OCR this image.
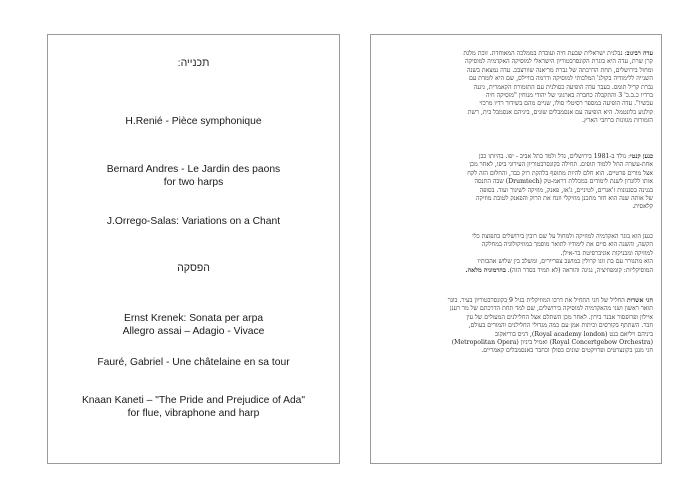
תכנייה:
H.Renié - Pièce symphonique
Bernard Andres - Le Jardin des paons
for two harps
J.Orrego-Salas: Variations on a Chant
הפסקה
Ernst Krenek: Sonata per arpa
Allegro assai – Adagio - Vivace
Fauré, Gabriel - Une châtelaine en sa tour
Knaan Kaneti – "The Pride and Prejudice of Ada"
for flue, vibraphone and harp
עדה רביגוב: נבלנית ישראלית שבעת חיה ועובדת בממלכה המאוחדת. זוכת מלגת
קרן שרת, עדה היא בוגרת הקונסרבטוריון הישראלי למוסיקה האקדמיה למוסיקה
ומחול בירושלים, תחת הדרכתה של גברת מריאנה שוורצבכ. עדה נמצאת בשנה
השנייה ללימודיה בקולג' המלכותי למוסיקה ודרמה בוויילס, שם היא לומדת עם
גברת קריל תומס. בעבר עדה הופיעה כסולנית עם התזמורת הקאמרית, ניגנה
ברדיו כ.ב.כ' 3 והתקבלה כחברה בארגוני של יהודי מנוחין "מוסיקה חיה
עכשיו". עדה הופיעה במספר רסיטלי סולו, שניים מהם בשידור רדיו מרכזי
קולנוע בלונטמל. היא הופיעה עם אנסמבלים שונים, ביניהם אנסמבל בית, רשת
הזמורות מגוונות ברחבי הארץ.
כנען קנטי: נולד ב-1981 בירושלים, גדל ולמד בתל אביב - יפו. בהיותו כבן
אחת-עשרה החל ללמוד תופים. תחילה בקונסרבטוריון העירוני ביפו, לאחר מכן
אצל מורים פרטיים. הוא חלם להיות מתופף בלהקת רוק כבד, והחלום הזה לקח
אותו ללונדון לשנת לימודים במכללת דראמ-טק (Drumtech) שבה התנסה
בנגינה בסגנונות ז'אנרים, לטיניים, ג'אז, פאנק, מוזיקה לשיגור ועוד. בסופה
של אותה שנה הוא חזר מתכנן מוזיקלי וזנח את הרוק והפאנק לטובת מוזיקה
קלאסית.
כנען הוא בוגר האקדמיה למוזיקה ולמחול על שם רובין בירושלים בתפוצת כלי
הקשה, והשנה הוא סיים את לימודיו לתואר מוסמך במוזיקולוגיה במחלקה
למוזיקה ומכניקות אוניברסיטת בר-אילן.
הוא מתגורר עם בת זוגו קרולין במושב צפריירים, ומשלב בין שלוש אהבותיו
המוסיקליות: קומפוזיציה, נגינה והוראה (לא תמיד בסדר הזה). בהרמוניה מלאה.
חגי אשדות החליל של חגי התחיל את דרכו המוזיקלית בגיל 9 בקונסרבטוריון בעיר. בוגר
תואר ראשון ושני מהאקדמיה למוסיקה בירושלים, שם למד תחת הדרכתם של מר רענן
איילון ופרופסור אבנר בירון. לאחר מכן השתלם אצל החלילנים המעולים של עין
חבר. השתתף בקורסים וכיתות אמן עם כמה מגדולי החלילנים והמורים בעולם,
ביניהם ויליאם בנט (Royal academy london), דניס בוריאקוב
(Royal Concertgebow Orchestra) ואמיל ביניון (Metropolitan Opera)
חגי מנגן בקונצרטים ופרויקטים שונים כסולן וכחבר באנסמבלים קאמריים.
